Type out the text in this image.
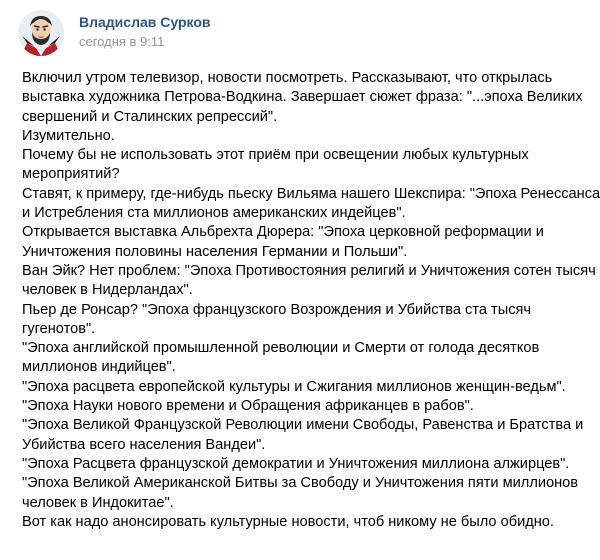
Владислав Сурков
сегодня в 9:11
Включил утром телевизор, новости посмотреть. Рассказывают, что открылась
выставка художника Петрова-Водкина. Завершает сюжет фраза: "...эпоха Великих
свершений и Сталинских репрессий".
Изумительно.
Почему бы не использовать этот приём при освещении любых культурных
мероприятий?
Ставят, к примеру, где-нибудь пьеску Вильяма нашего Шекспира: "Эпоха Ренессанса
и Истребления ста миллионов американских индейцев".
Открывается выставка Альбрехта Дюрера: "Эпоха церковной реформации и
Уничтожения половины населения Германии и Польши".
Ван Эйк? Нет проблем: "Эпоха Противостояния религий и Уничтожения сотен тысяч
человек в Нидерландах".
Пьер де Ронсар? "Эпоха французского Возрождения и Убийства ста тысяч
гугенотов".
"Эпоха английской промышленной революции и Смерти от голода десятков
миллионов индийцев".
"Эпоха расцвета европейской культуры и Сжигания миллионов женщин-ведьм".
"Эпоха Науки нового времени и Обращения африканцев в рабов".
"Эпоха Великой Французской Революции имени Свободы, Равенства и Братства и
Убийства всего населения Вандеи".
"Эпоха Расцвета французской демократии и Уничтожения миллиона алжирцев".
"Эпоха Великой Американской Битвы за Свободу и Уничтожения пяти миллионов
человек в Индокитае".
Вот как надо анонсировать культурные новости, чтоб никому не было обидно.
